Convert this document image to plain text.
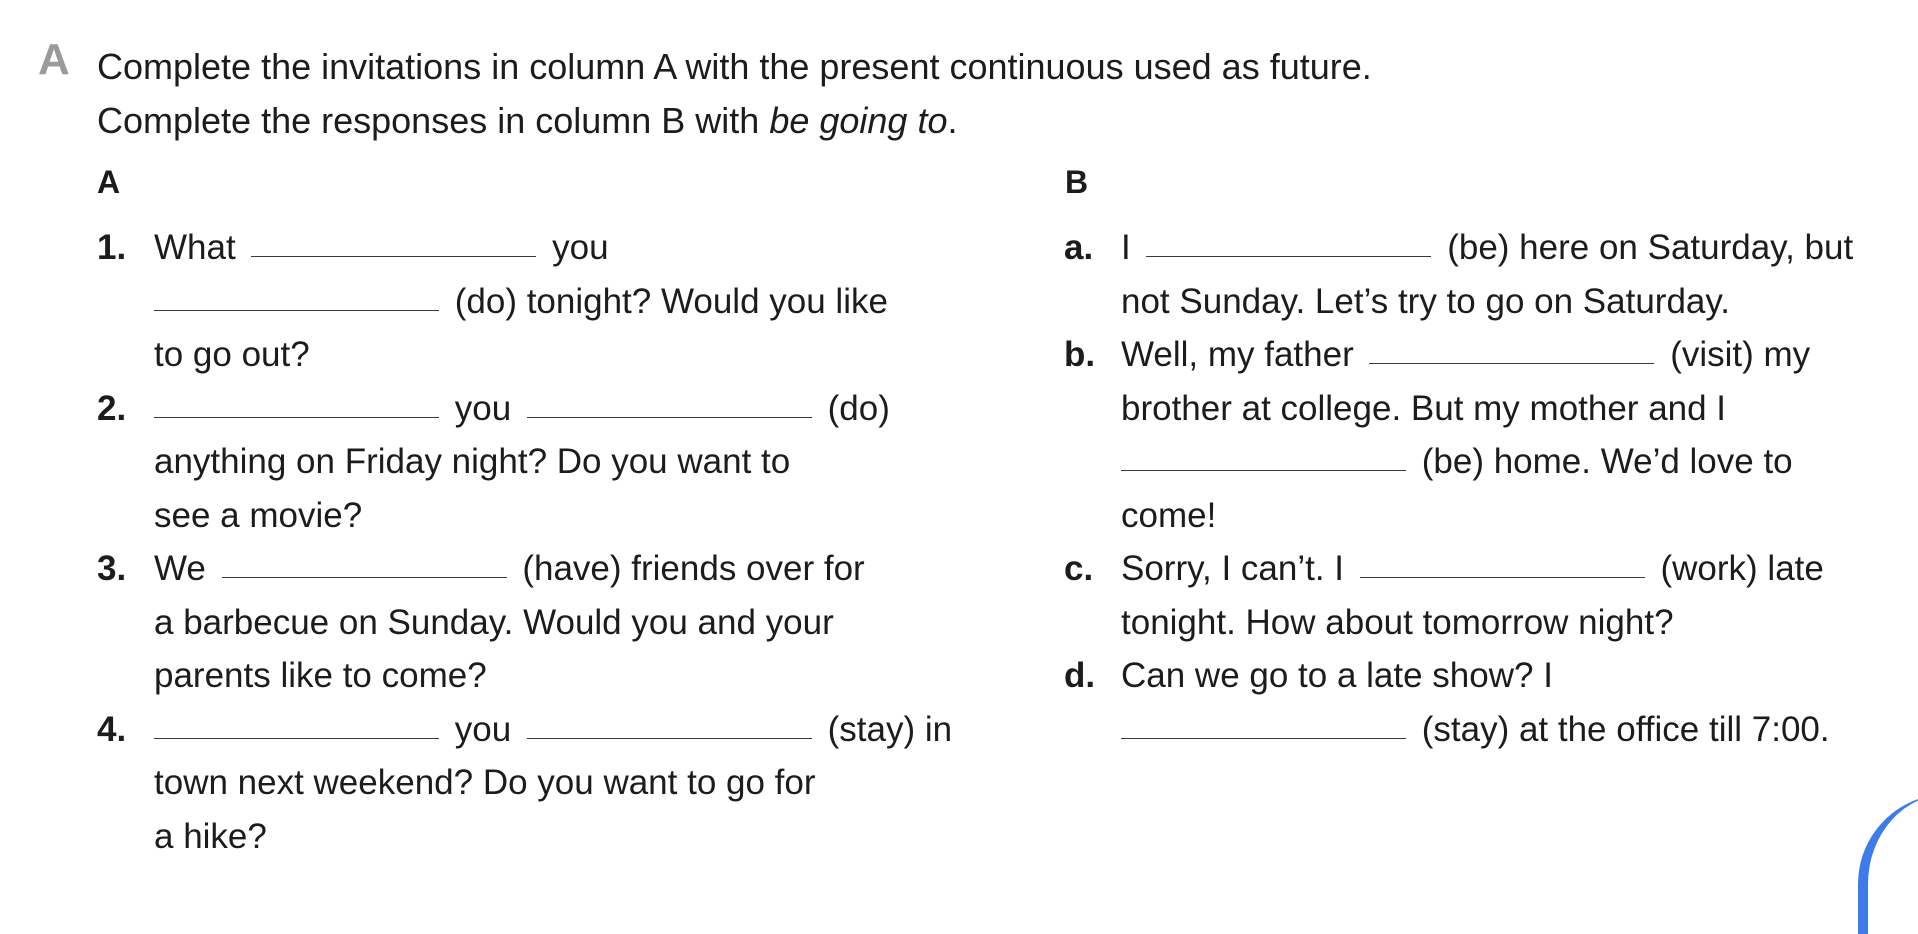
A Complete the invitations in column A with the present continuous used as future.
Complete the responses in column B with be going to.
A	B
1. What	you
(do) tonight? Would you like
to go out?
2.	you	(do)
anything on Friday night? Do you want to
see a movie?
3. We	(have) friends over for
a barbecue on Sunday. Would you and your
parents like to come?
4.	you	(stay) in
town next weekend? Do you want to go for
a hike?
a. I	(be) here on Saturday, but
not Sunday. Let’s try to go on Saturday.
b. Well, my father	(visit) my
brother at college. But my mother and I
(be) home. We’d love to
come!
c. Sorry, I can’t. I	(work) late
tonight. How about tomorrow night?
d. Can we go to a late show? I
(stay) at the office till 7:00.
